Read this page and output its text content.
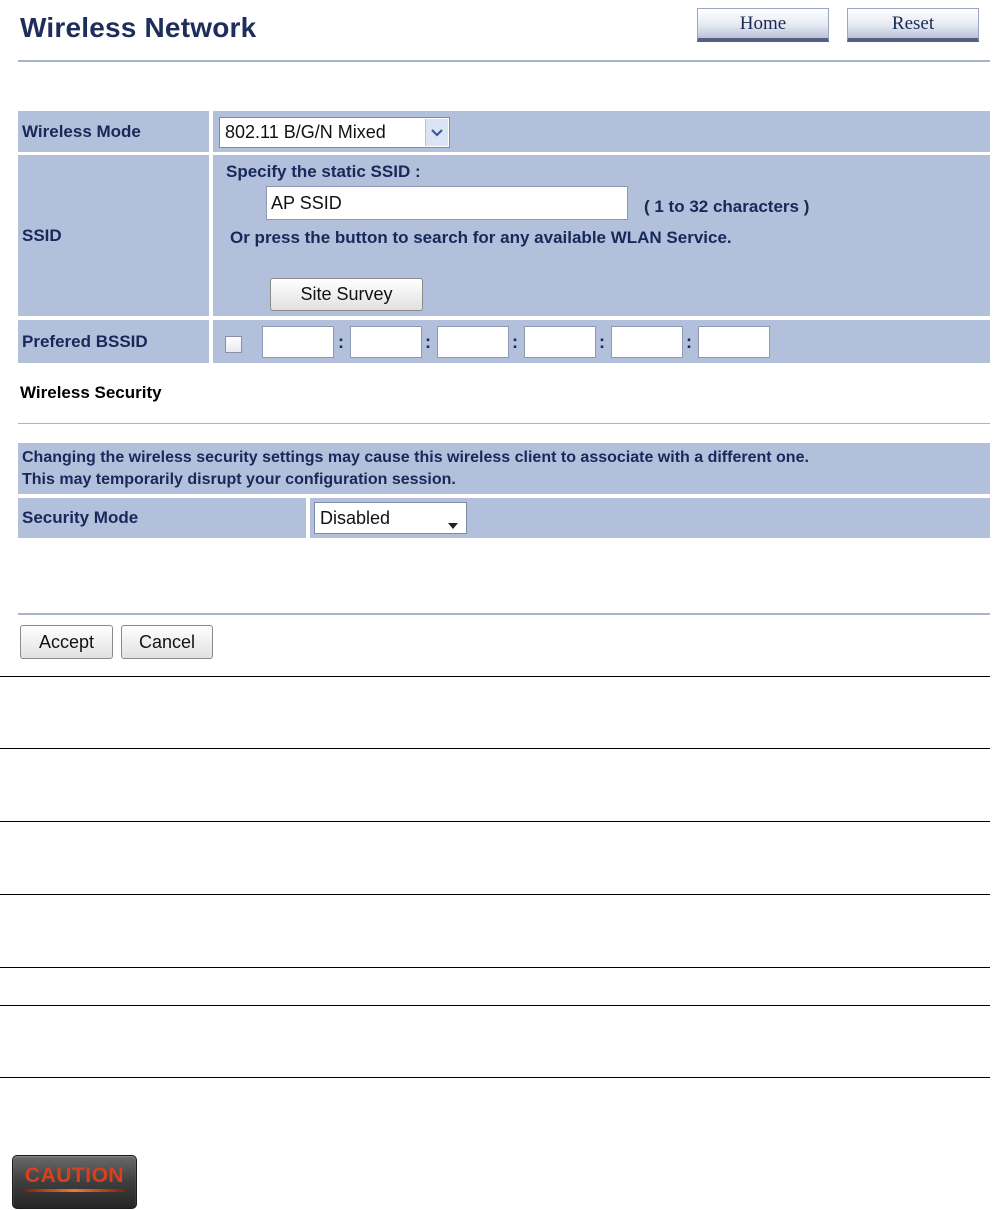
Wireless Network	Home	Reset
Wireless Mode	802.11 B/G/N Mixed
SSID
Specify the static SSID :
AP SSID
( 1 to 32 characters )
Or press the button to search for any available WLAN Service.
Site Survey
Prefered BSSID	:	:	:	:	:
Wireless Security
Changing the wireless security settings may cause this wireless client to associate with a different one.
This may temporarily disrupt your configuration session.
Security Mode	Disabled
Accept	Cancel
CAUTION
